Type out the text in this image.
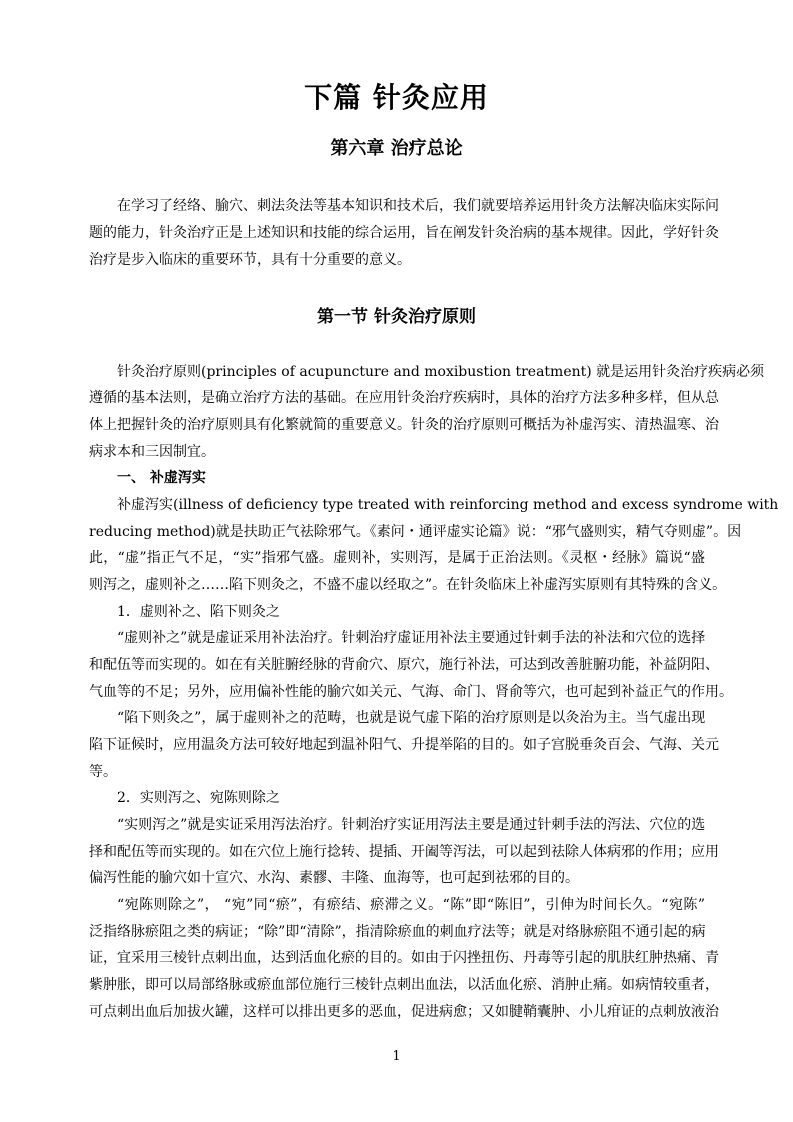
下篇 针灸应用
第六章 治疗总论
第一节 针灸治疗原则
在学习了经络、腧穴、刺法灸法等基本知识和技术后，我们就要培养运用针灸方法解决临床实际问
题的能力，针灸治疗正是上述知识和技能的综合运用，旨在阐发针灸治病的基本规律。因此，学好针灸
治疗是步入临床的重要环节，具有十分重要的意义。
针灸治疗原则(principles of acupuncture and moxibustion treatment) 就是运用针灸治疗疾病必须
遵循的基本法则，是确立治疗方法的基础。在应用针灸治疗疾病时，具体的治疗方法多种多样，但从总
体上把握针灸的治疗原则具有化繁就简的重要意义。针灸的治疗原则可概括为补虚泻实、清热温寒、治
病求本和三因制宜。
一、 补虚泻实
补虚泻实(illness of deficiency type treated with reinforcing method and excess syndrome with
reducing method)就是扶助正气祛除邪气。《素问・通评虚实论篇》说：“邪气盛则实，精气夺则虚”。因
此，“虚”指正气不足，“实”指邪气盛。虚则补，实则泻，是属于正治法则。《灵枢・经脉》篇说“盛
则泻之，虚则补之……陷下则灸之，不盛不虚以经取之”。在针灸临床上补虚泻实原则有其特殊的含义。
1．虚则补之、陷下则灸之
“虚则补之”就是虚证采用补法治疗。针刺治疗虚证用补法主要通过针刺手法的补法和穴位的选择
和配伍等而实现的。如在有关脏腑经脉的背俞穴、原穴，施行补法，可达到改善脏腑功能，补益阴阳、
气血等的不足；另外，应用偏补性能的腧穴如关元、气海、命门、肾俞等穴，也可起到补益正气的作用。
“陷下则灸之”，属于虚则补之的范畴，也就是说气虚下陷的治疗原则是以灸治为主。当气虚出现
陷下证候时，应用温灸方法可较好地起到温补阳气、升提举陷的目的。如子宫脱垂灸百会、气海、关元
等。
2．实则泻之、宛陈则除之
“实则泻之”就是实证采用泻法治疗。针刺治疗实证用泻法主要是通过针刺手法的泻法、穴位的选
择和配伍等而实现的。如在穴位上施行捻转、提插、开阖等泻法，可以起到祛除人体病邪的作用；应用
偏泻性能的腧穴如十宣穴、水沟、素髎、丰隆、血海等，也可起到祛邪的目的。
“宛陈则除之”， “宛”同“瘀”，有瘀结、瘀滞之义。“陈”即“陈旧”，引伸为时间长久。“宛陈”
泛指络脉瘀阻之类的病证；“除”即“清除”，指清除瘀血的刺血疗法等；就是对络脉瘀阻不通引起的病
证，宜采用三棱针点刺出血，达到活血化瘀的目的。如由于闪挫扭伤、丹毒等引起的肌肤红肿热痛、青
紫肿胀，即可以局部络脉或瘀血部位施行三棱针点刺出血法，以活血化瘀、消肿止痛。如病情较重者，
可点刺出血后加拔火罐，这样可以排出更多的恶血，促进病愈；又如腱鞘囊肿、小儿疳证的点刺放液治
1
